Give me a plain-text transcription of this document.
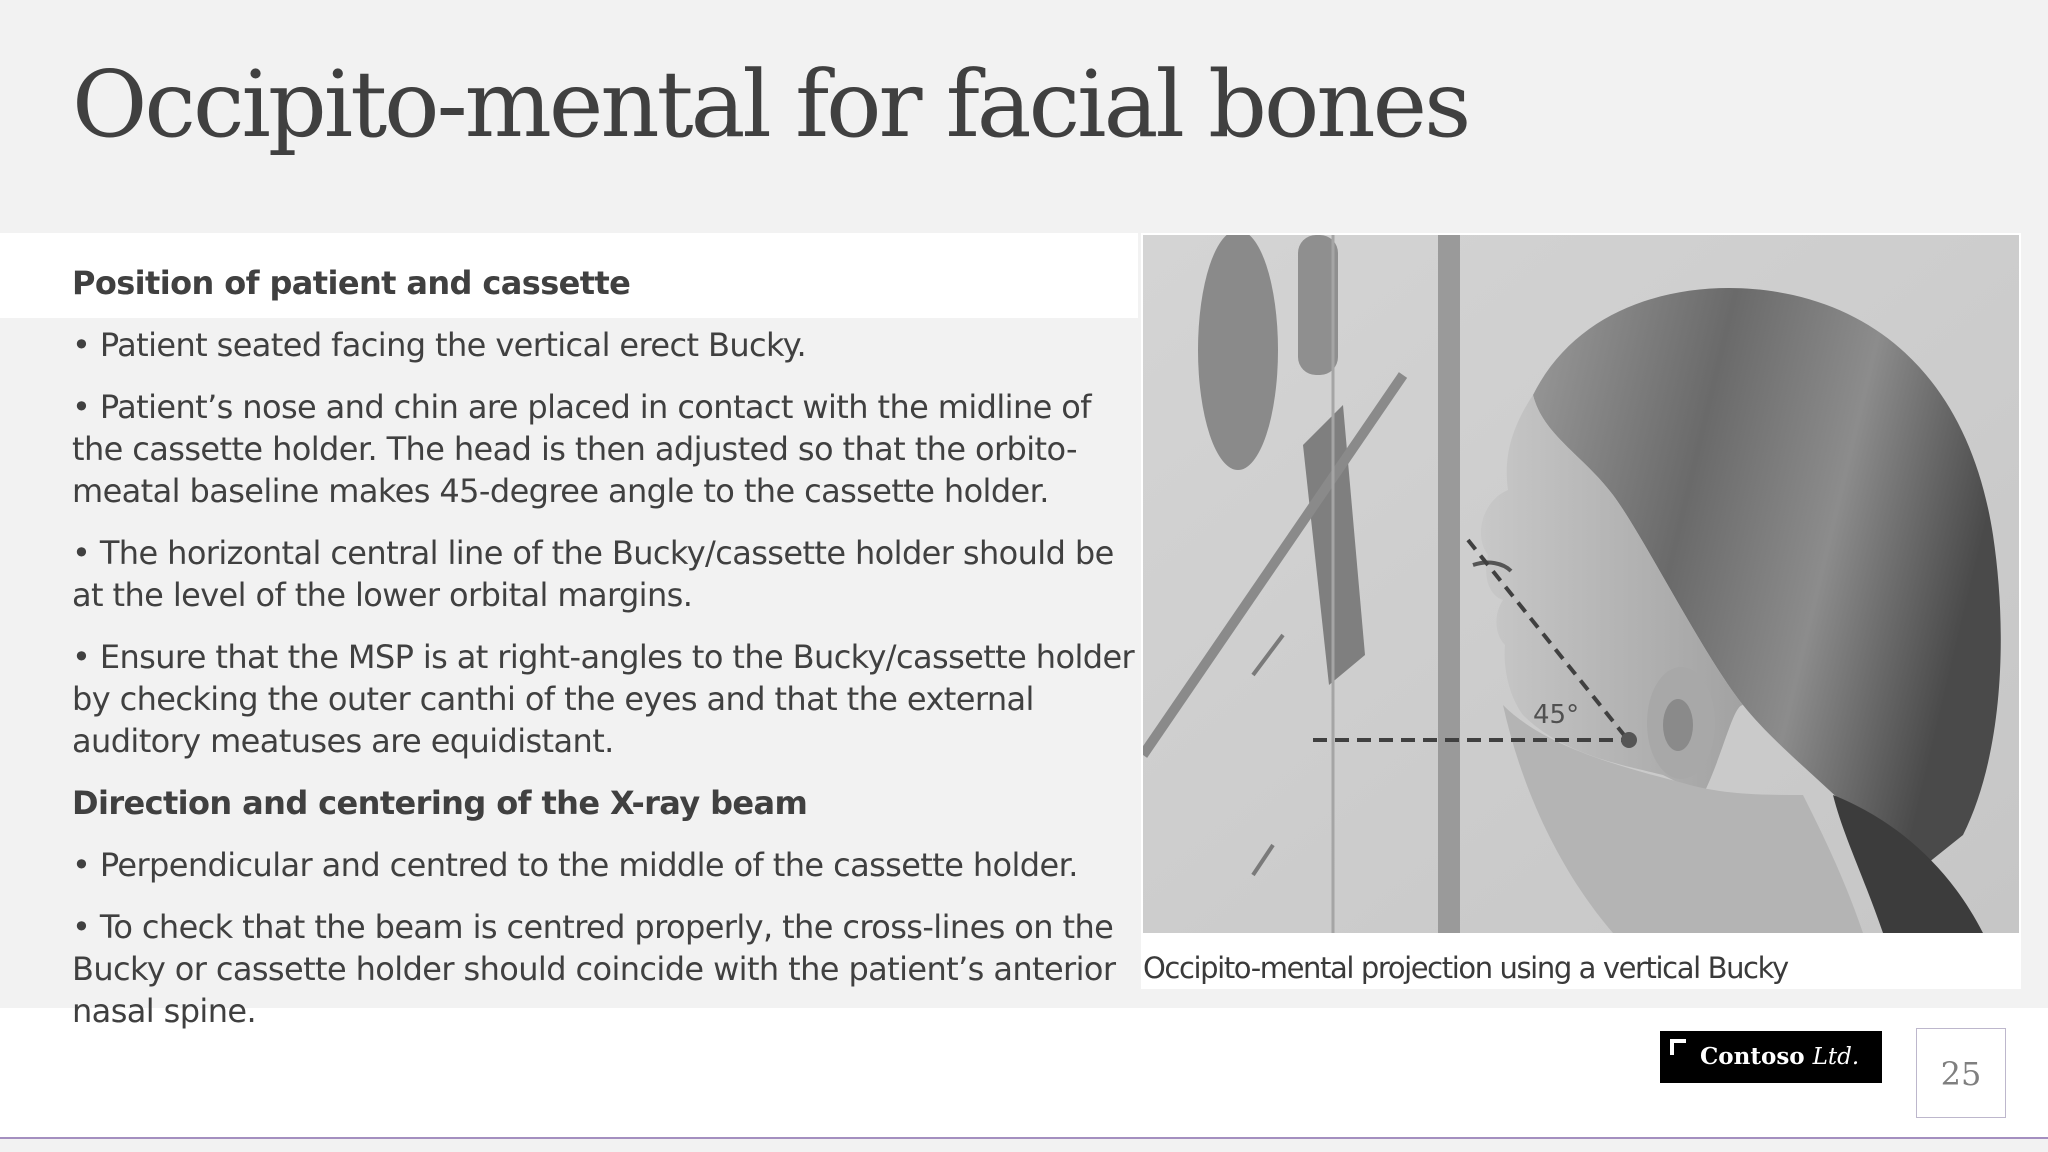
Occipito-mental for facial bones
Position of patient and cassette
• Patient seated facing the vertical erect Bucky.
• Patient’s nose and chin are placed in contact with the midline of the cassette holder. The head is then adjusted so that the orbito-meatal baseline makes 45-degree angle to the cassette holder.
• The horizontal central line of the Bucky/cassette holder should be at the level of the lower orbital margins.
• Ensure that the MSP is at right-angles to the Bucky/cassette holder by checking the outer canthi of the eyes and that the external auditory meatuses are equidistant.
Direction and centering of the X-ray beam
• Perpendicular and centred to the middle of the cassette holder.
• To check that the beam is centred properly, the cross-lines on the Bucky or cassette holder should coincide with the patient’s anterior nasal spine.
45°
Occipito-mental projection using a vertical Bucky
Contoso Ltd.	25
